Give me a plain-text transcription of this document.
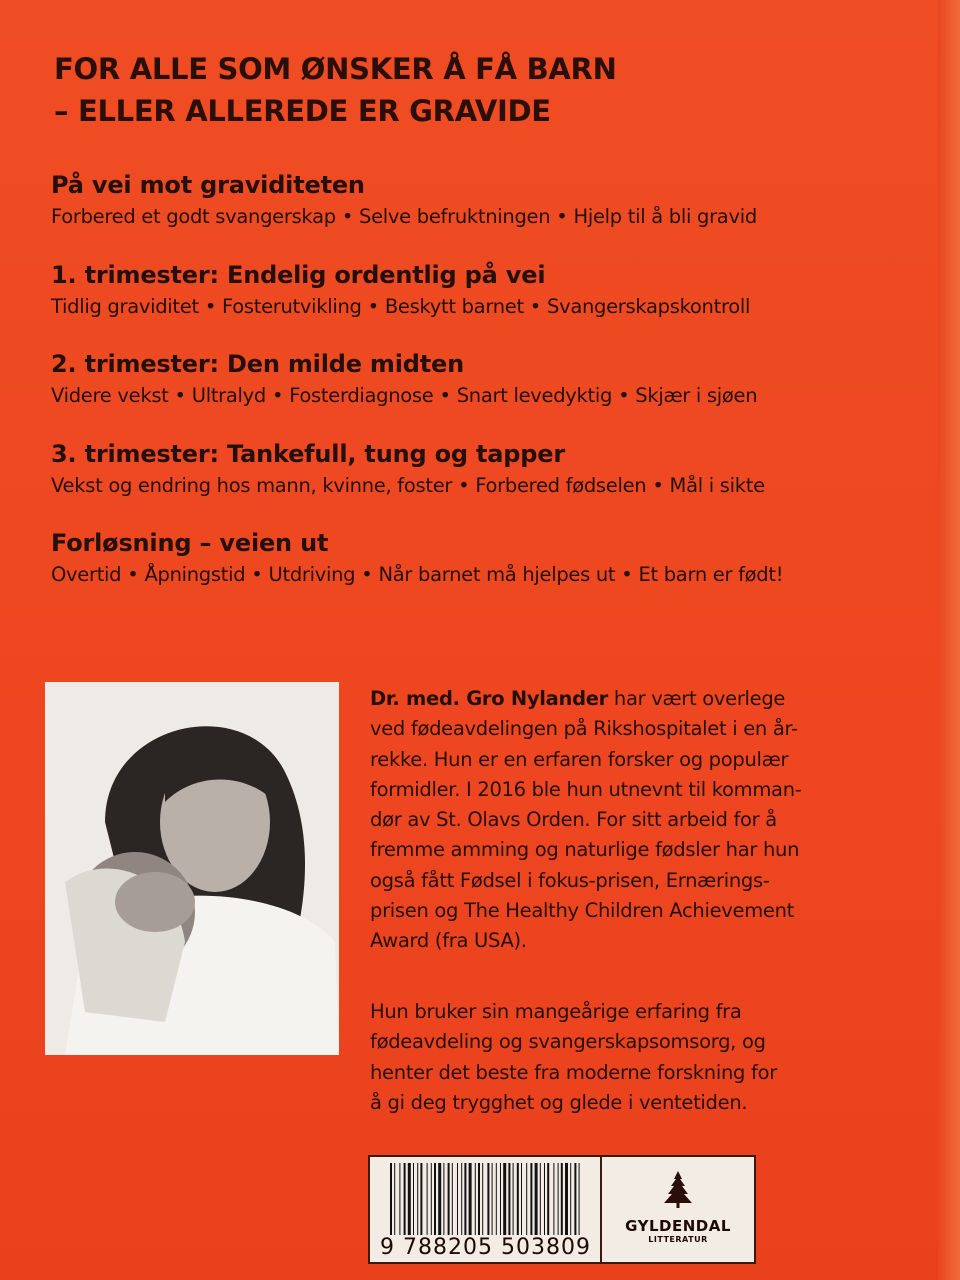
FOR ALLE SOM ØNSKER Å FÅ BARN
– ELLER ALLEREDE ER GRAVIDE
På vei mot graviditeten

Forbered et godt svangerskap • Selve befruktningen • Hjelp til å bli gravid

1. trimester: Endelig ordentlig på vei

Tidlig graviditet • Fosterutvikling • Beskytt barnet • Svangerskapskontroll

2. trimester: Den milde midten

Videre vekst • Ultralyd • Fosterdiagnose • Snart levedyktig • Skjær i sjøen

3. trimester: Tankefull, tung og tapper

Vekst og endring hos mann, kvinne, foster • Forbered fødselen • Mål i sikte

Forløsning – veien ut

Overtid • Åpningstid • Utdriving • Når barnet må hjelpes ut • Et barn er født!

Dr. med. Gro Nylander har vært overlege
ved fødeavdelingen på Rikshospitalet i en år-
rekke. Hun er en erfaren forsker og populær
formidler. I 2016 ble hun utnevnt til komman-
dør av St. Olavs Orden. For sitt arbeid for å
fremme amming og naturlige fødsler har hun
også fått Fødsel i fokus-prisen, Ernærings-
prisen og The Healthy Children Achievement
Award (fra USA).
Hun bruker sin mangeårige erfaring fra
fødeavdeling og svangerskapsomsorg, og
henter det beste fra moderne forskning for
å gi deg trygghet og glede i ventetiden.
9 788205 503809
GYLDENDAL
LITTERATUR
